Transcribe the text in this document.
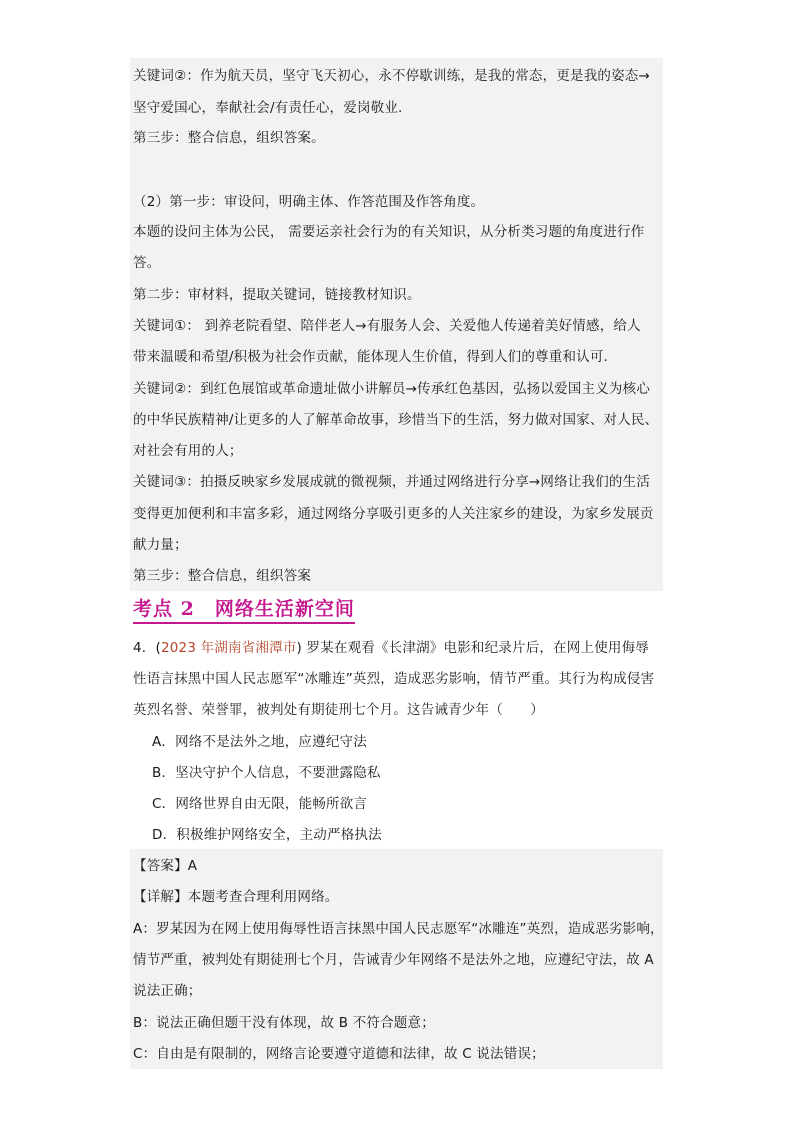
关键词②：作为航天员，坚守飞天初心，永不停歇训练，是我的常态，更是我的姿态→
坚守爱国心，奉献社会/有责任心，爱岗敬业.
第三步：整合信息，组织答案。
（2）第一步：审设问，明确主体、作答范围及作答角度。
本题的设问主体为公民， 需要运亲社会行为的有关知识，从分析类习题的角度进行作
答。
第二步：审材料，提取关键词，链接教材知识。
关键词①： 到养老院看望、陪伴老人→有服务人会、关爱他人传递着美好情感，给人
带来温暖和希望/积极为社会作贡献，能体现人生价值，得到人们的尊重和认可.
关键词②：到红色展馆或革命遗址做小讲解员→传承红色基因，弘扬以爱国主义为核心
的中华民族精神/让更多的人了解革命故事，珍惜当下的生活，努力做对国家、对人民、
对社会有用的人；
关键词③：拍摄反映家乡发展成就的微视频，并通过网络进行分享→网络让我们的生活
变得更加便利和丰富多彩，通过网络分享吸引更多的人关注家乡的建设，为家乡发展贡
献力量；
第三步：整合信息，组织答案
考点 2　网络生活新空间
4．(2023 年湖南省湘潭市) 罗某在观看《长津湖》电影和纪录片后，在网上使用侮辱
性语言抹黑中国人民志愿军“冰雕连”英烈，造成恶劣影响，情节严重。其行为构成侵害
英烈名誉、荣誉罪，被判处有期徒刑七个月。这告诫青少年（　　）
A．网络不是法外之地，应遵纪守法
B．坚决守护个人信息，不要泄露隐私
C．网络世界自由无限，能畅所欲言
D．积极维护网络安全，主动严格执法
【答案】A
【详解】本题考查合理利用网络。
A：罗某因为在网上使用侮辱性语言抹黑中国人民志愿军“冰雕连”英烈，造成恶劣影响，
情节严重，被判处有期徒刑七个月，告诫青少年网络不是法外之地，应遵纪守法，故 A
说法正确；
B：说法正确但题干没有体现，故 B 不符合题意；
C：自由是有限制的，网络言论要遵守道德和法律，故 C 说法错误；
